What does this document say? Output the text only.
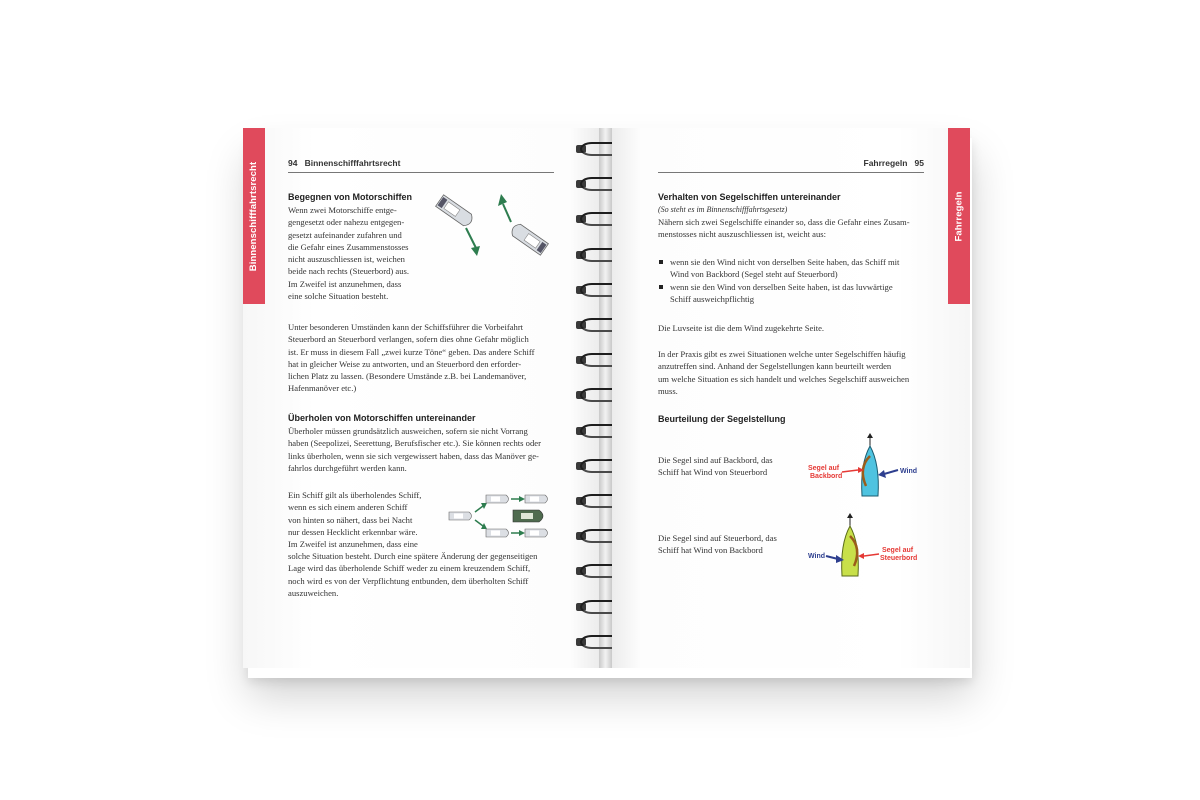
Binnenschifffahrtsrecht	94 Binnenschifffahrtsrecht
Begegnen von Motorschiffen
Wenn zwei Motorschiffe entge-
gengesetzt oder nahezu entgegen-
gesetzt aufeinander zufahren und
die Gefahr eines Zusammenstosses
nicht auszuschliessen ist, weichen
beide nach rechts (Steuerbord) aus.
Im Zweifel ist anzunehmen, dass
eine solche Situation besteht.
Unter besonderen Umständen kann der Schiffsführer die Vorbeifahrt
Steuerbord an Steuerbord verlangen, sofern dies ohne Gefahr möglich
ist. Er muss in diesem Fall „zwei kurze Töne“ geben. Das andere Schiff
hat in gleicher Weise zu antworten, und an Steuerbord den erforder-
lichen Platz zu lassen. (Besondere Umstände z.B. bei Landemanöver,
Hafenmanöver etc.)
Überholen von Motorschiffen untereinander
Überholer müssen grundsätzlich ausweichen, sofern sie nicht Vorrang
haben (Seepolizei, Seerettung, Berufsfischer etc.). Sie können rechts oder
links überholen, wenn sie sich vergewissert haben, dass das Manöver ge-
fahrlos durchgeführt werden kann.
Ein Schiff gilt als überholendes Schiff,
wenn es sich einem anderen Schiff
von hinten so nähert, dass bei Nacht
nur dessen Hecklicht erkennbar wäre.
Im Zweifel ist anzunehmen, dass eine
solche Situation besteht. Durch eine spätere Änderung der gegenseitigen
Lage wird das überholende Schiff weder zu einem kreuzendem Schiff,
noch wird es von der Verpflichtung entbunden, dem überholten Schiff
auszuweichen.
Fahrregeln
Fahrregeln 95
Verhalten von Segelschiffen untereinander
(So steht es im Binnenschifffahrtsgesetz)
Nähern sich zwei Segelschiffe einander so, dass die Gefahr eines Zusam-
menstosses nicht auszuschliessen ist, weicht aus:
wenn sie den Wind nicht von derselben Seite haben, das Schiff mit
Wind von Backbord (Segel steht auf Steuerbord)
wenn sie den Wind von derselben Seite haben, ist das luvwärtige
Schiff ausweichpflichtig
Die Luvseite ist die dem Wind zugekehrte Seite.
In der Praxis gibt es zwei Situationen welche unter Segelschiffen häufig
anzutreffen sind. Anhand der Segelstellungen kann beurteilt werden
um welche Situation es sich handelt und welches Segelschiff ausweichen
muss.
Beurteilung der Segelstellung
Die Segel sind auf Backbord, das
Schiff hat Wind von Steuerbord	Segel auf
Backbord
Wind
Die Segel sind auf Steuerbord, das
Schiff hat Wind von Backbord
Wind
Segel auf
Steuerbord
